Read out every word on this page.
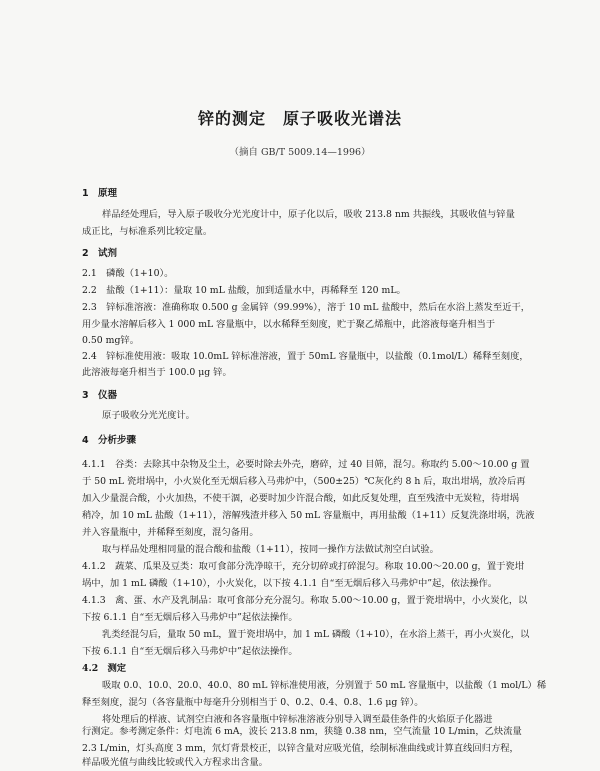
锌的测定　原子吸收光谱法
（摘自 GB/T 5009.14—1996）
1 原理
样品经处理后，导入原子吸收分光光度计中，原子化以后，吸收 213.8 nm 共振线，其吸收值与锌量
成正比，与标准系列比较定量。
2 试剂
2.1　磷酸（1+10）。
2.2　盐酸（1+11）：量取 10 mL 盐酸，加到适量水中，再稀释至 120 mL。
2.3　锌标准溶液：准确称取 0.500 g 金属锌（99.99%），溶于 10 mL 盐酸中，然后在水浴上蒸发至近干，
用少量水溶解后移入 1 000 mL 容量瓶中，以水稀释至刻度，贮于聚乙烯瓶中，此溶液每毫升相当于
0.50 mg锌。
2.4　锌标准使用液：吸取 10.0mL 锌标准溶液，置于 50mL 容量瓶中，以盐酸（0.1mol/L）稀释至刻度，
此溶液每毫升相当于 100.0 μg 锌。
3 仪器
原子吸收分光光度计。
4 分析步骤
4.1.1　谷类：去除其中杂物及尘土，必要时除去外壳，磨碎，过 40 目筛，混匀。称取约 5.00～10.00 g 置
于 50 mL 瓷坩埚中，小火炭化至无烟后移入马弗炉中，（500±25）℃灰化约 8 h 后，取出坩埚，放冷后再
加入少量混合酸，小火加热，不使干涸，必要时加少许混合酸，如此反复处理，直至残渣中无炭粒，待坩埚
稍冷，加 10 mL 盐酸（1+11），溶解残渣并移入 50 mL 容量瓶中，再用盐酸（1+11）反复洗涤坩埚，洗液
并入容量瓶中，并稀释至刻度，混匀备用。
取与样品处理相同量的混合酸和盐酸（1+11），按同一操作方法做试剂空白试验。
4.1.2　蔬菜、瓜果及豆类：取可食部分洗净晾干，充分切碎或打碎混匀。称取 10.00～20.00 g，置于瓷坩
埚中，加 1 mL 磷酸（1+10），小火炭化，以下按 4.1.1 自“至无烟后移入马弗炉中”起，依法操作。
4.1.3　禽、蛋、水产及乳制品：取可食部分充分混匀。称取 5.00～10.00 g，置于瓷坩埚中，小火炭化，以
下按 6.1.1 自“至无烟后移入马弗炉中”起依法操作。
乳类经混匀后，量取 50 mL，置于瓷坩埚中，加 1 mL 磷酸（1+10），在水浴上蒸干，再小火炭化，以
下按 6.1.1 自“至无烟后移入马弗炉中”起依法操作。
4.2　测定
吸取 0.0、10.0、20.0、40.0、80 mL 锌标准使用液，分别置于 50 mL 容量瓶中，以盐酸（1 mol/L）稀
释至刻度，混匀（各容量瓶中每毫升分别相当于 0、0.2、0.4、0.8、1.6 μg 锌）。
将处理后的样液、试剂空白液和各容量瓶中锌标准溶液分别导入调至最佳条件的火焰原子化器进
行测定。参考测定条件：灯电流 6 mA，波长 213.8 nm，狭缝 0.38 nm，空气流量 10 L/min，乙炔流量
2.3 L/min，灯头高度 3 mm，氘灯背景校正，以锌含量对应吸光值，绘制标准曲线或计算直线回归方程，
样品吸光值与曲线比较或代入方程求出含量。
